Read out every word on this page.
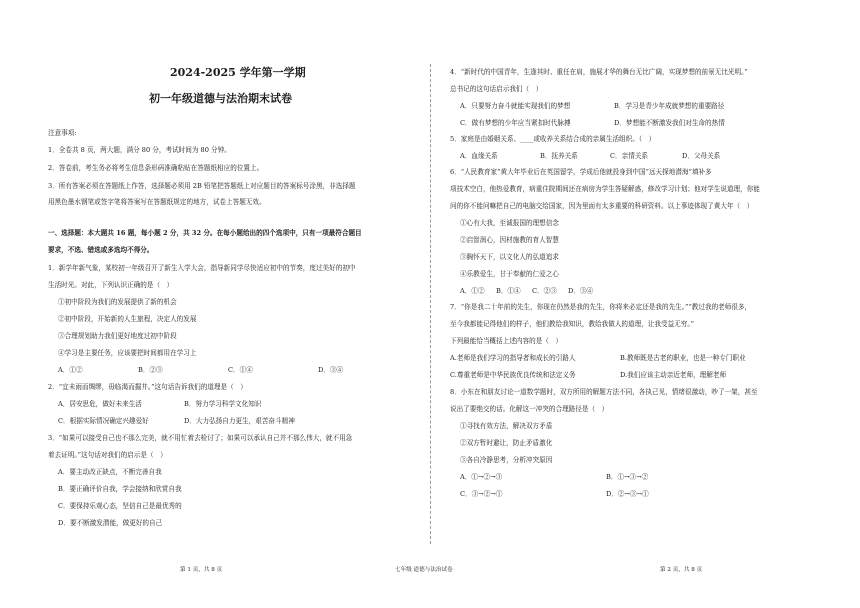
2024-2025 学年第一学期
初一年级道德与法治期末试卷
注意事项:
1．全卷共 8 页，两大题，满分 80 分，考试时间为 80 分钟。
2．答卷前，考生务必将考生信息条形码准确粘贴在答题纸相应的位置上。
3．所有答案必须在答题纸上作答，选择题必须用 2B 铅笔把答题纸上对应题目的答案标号涂黑，非选择题
用黑色墨水钢笔或签字笔将答案写在答题纸规定的地方，试卷上答题无效。
一、选择题：本大题共 16 题，每小题 2 分，共 32 分。在每小题给出的四个选项中，只有一项最符合题目
要求，不选、错选或多选均不得分。
1．新学年新气象，某校初一年级召开了新生入学大会，指导新同学尽快适应初中的节奏，度过美好的初中
生活时光。对此，下列认识正确的是（　）
①初中阶段为我们的发展提供了新的机会
②初中阶段，开始新的人生旅程，决定人的发展
③合理规划助力我们更好地度过初中阶段
④学习是主要任务，应该要把时间都用在学习上
A．①②	B．②③	C．①④	D．③④
2．“宜未雨而绸缪，毋临渴而掘井。”这句话告诉我们的道理是（　）
A．居安思危，做好未来生活	B．努力学习科学文化知识
C．根据实际情况确定兴趣爱好	D．大力弘扬自力更生，艰苦奋斗精神
3．“如果可以接受自己也不那么完美，就不用忙着去检讨了；如果可以承认自己并不那么伟大，就不用急
着去证明。”这句话对我们的启示是（　）
A．要主动改正缺点，不断完善自我
B．要正确评价自我，学会接纳和欣赏自我
C．要保持乐观心态，坚信自己是最优秀的
D．要不断激发潜能，做更好的自己
4．“新时代的中国青年，生逢其时、重任在肩，施展才华的舞台无比广阔，实现梦想的前景无比光明。”
总书记的这句话启示我们（　）
A．只要努力奋斗就能实现我们的梦想	B．学习是青少年成就梦想的重要路径
C．做有梦想的少年应当紧扣时代脉搏	D．梦想能不断激发我们对生命的热情
5．家庭是由婚姻关系、____或收养关系结合成的亲属生活组织。（　）
A．血缘关系	B．抚养关系	C．亲情关系	D．父母关系
6．“人民教育家”黄大年毕业后在英国留学，学成后他就投身到中国“远天探地潜海”填补多
项技术空白，他热爱教育，病重住院期间还在病房为学生答疑解惑，修改学习计划；他对学生说道理，你能
问的你不能问嘛把自己的电脑交给国家，因为里面有太多重要的科研资料。以上事迹体现了黄大年（　）
①心有大我，至诚报国的理想信念
②启智润心，因材施教的育人智慧
③胸怀天下，以文化人的弘道追求
④乐教爱生，甘于奉献的仁爱之心
A．①② B．①④ C．②③ D．③④
7．“你是我二十年前的先生，你现在仍然是我的先生，你将来必定还是我的先生。”“教过我的老师很多，
至今我都能记得他们的样子，他们教给我知识，教给我做人的道理，让我受益无穷。”
下列最能恰当概括上述内容的是（　）
A.老师是我们学习的指导者和成长的引路人	B.教师既是古老的职业，也是一种专门职业
C.尊重老师是中华民族优良传统和法定义务	D.我们应该主动亲近老师，理解老师
8．小东在和朋友讨论一道数学题时，双方所用的解题方法不同，各执己见，情绪很激动，吵了一架，甚至
说出了要绝交的话。化解这一冲突的合理路径是（　）
①寻找有效方法，解决双方矛盾
②双方暂时避让，防止矛盾激化
③各自冷静思考，分析冲突原因
A．①→②→③	B．①→③→②
C．③→②→①	D．②→③→①
第 1 页，共 8 页	七年级 道德与法治试卷	第 2 页，共 8 页
